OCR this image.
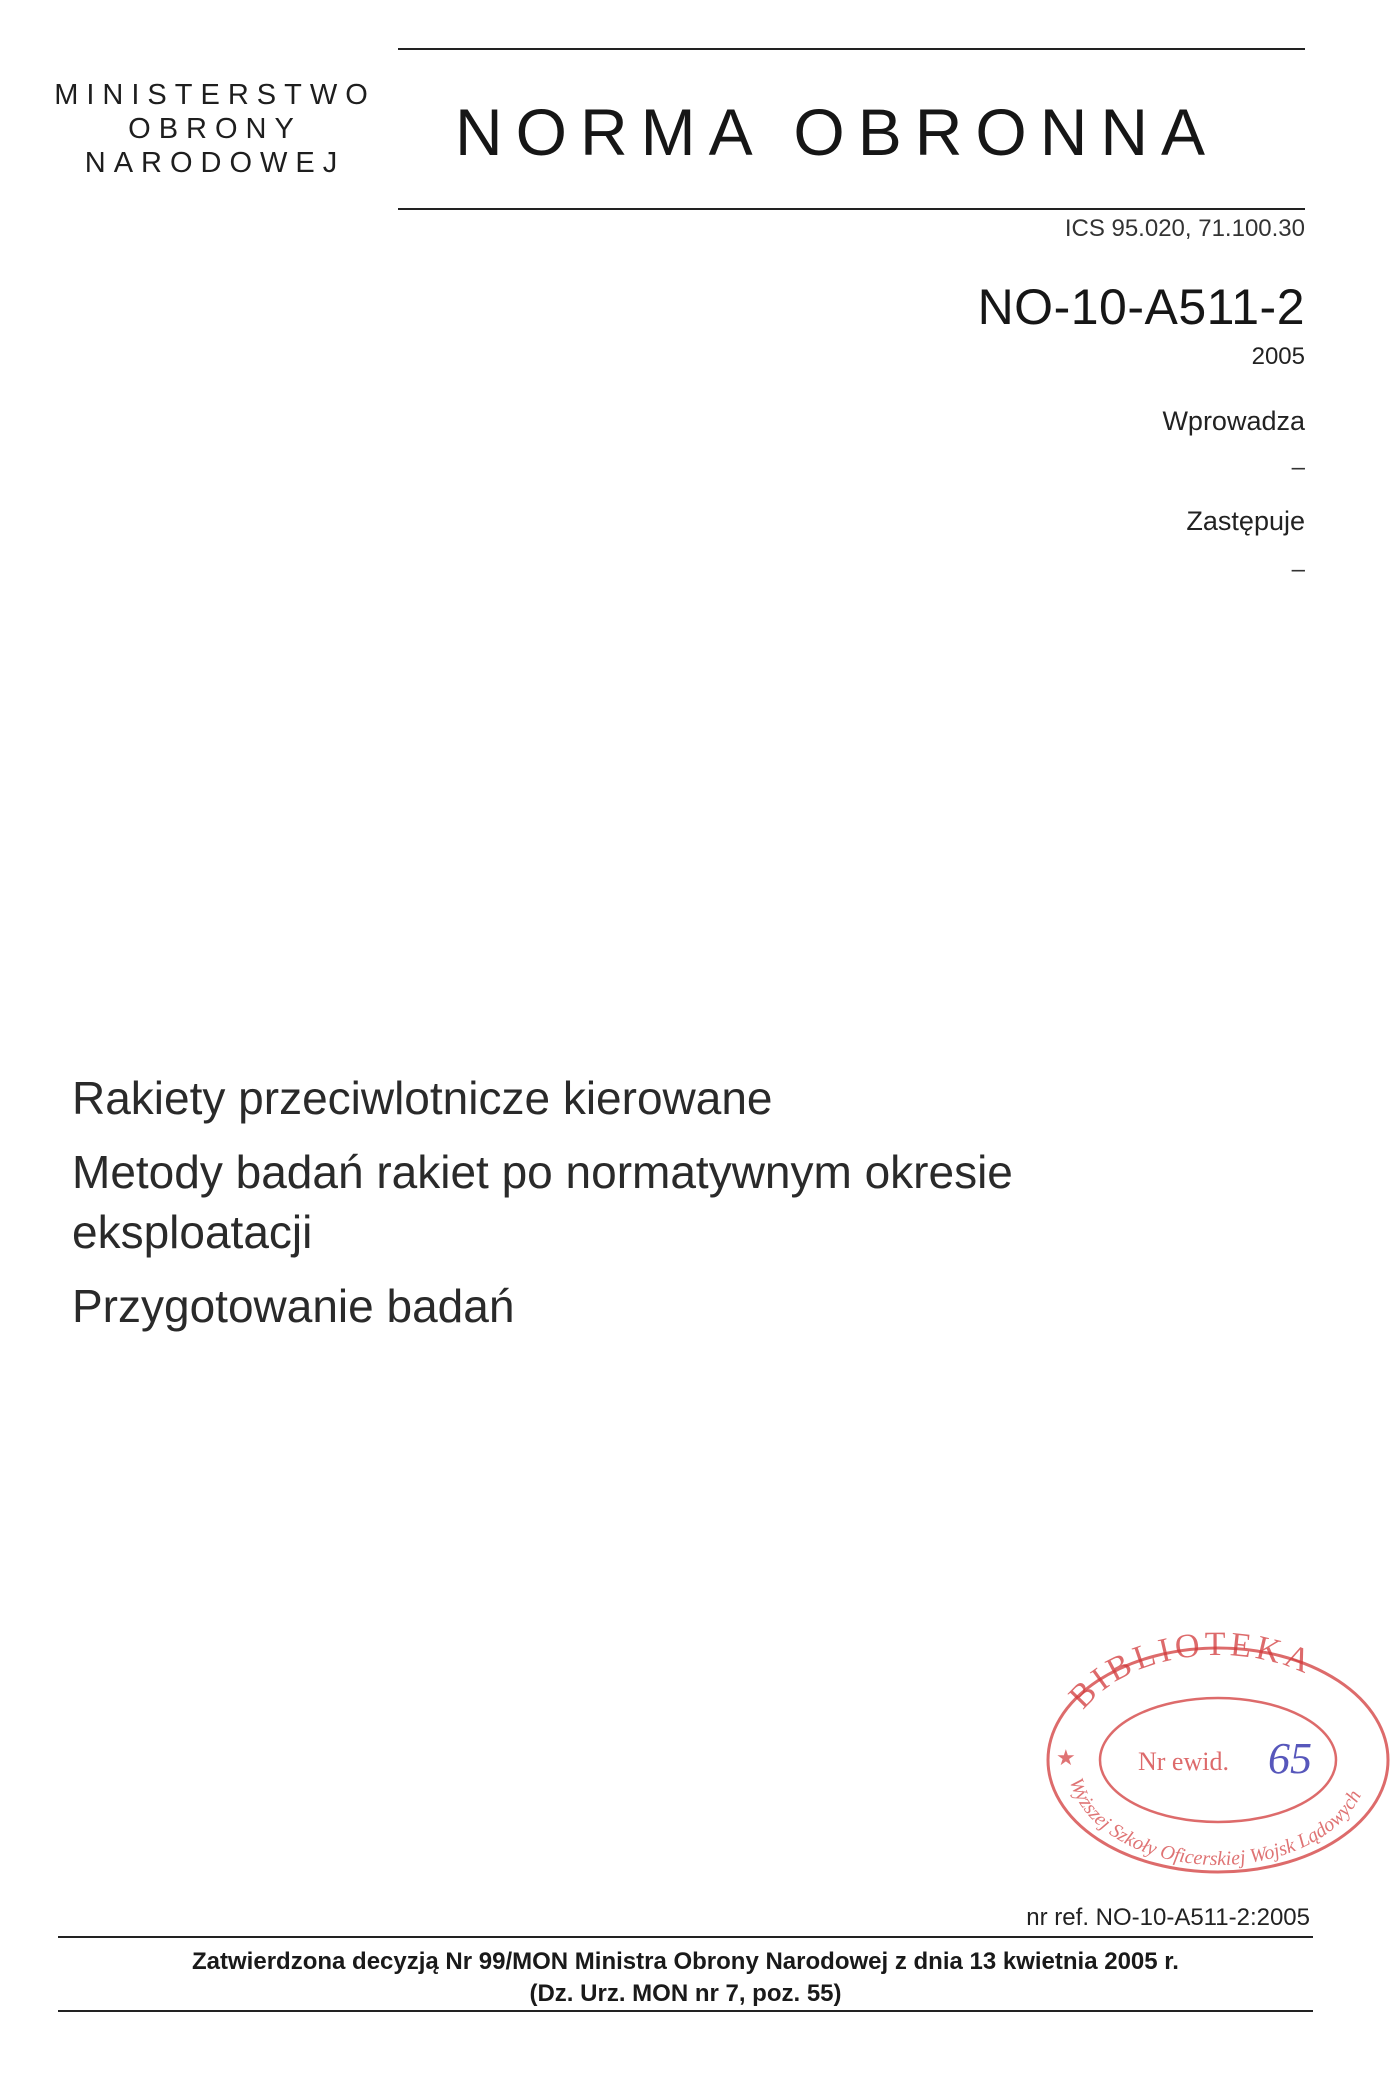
MINISTERSTWO
OBRONY
NARODOWEJ	NORMA OBRONNA
ICS 95.020, 71.100.30
NO-10-A511-2
2005
Wprowadza
–
Zastępuje
–

Rakiety przeciwlotnicze kierowane

Metody badań rakiet po normatywnym okresie eksploatacji

Przygotowanie badań

BIBLIOTEKA
Wyższej Szkoły Oficerskiej Wojsk Lądowych
Nr ewid.
★	65
nr ref. NO-10-A511-2:2005
Zatwierdzona decyzją Nr 99/MON Ministra Obrony Narodowej z dnia 13 kwietnia 2005 r.
(Dz. Urz. MON nr 7, poz. 55)
